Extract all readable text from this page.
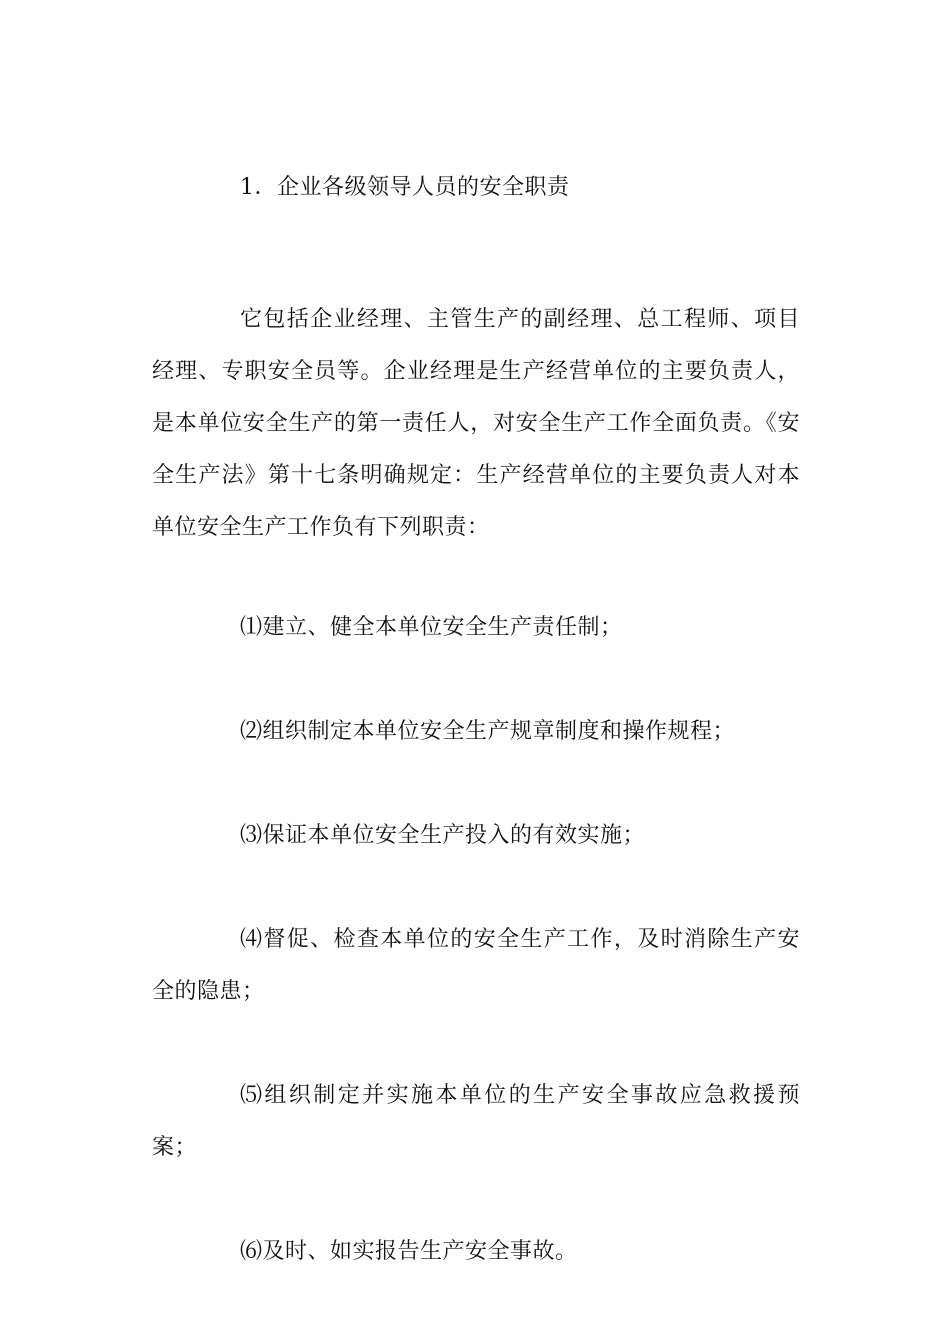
1．企业各级领导人员的安全职责

它包括企业经理、主管生产的副经理、总工程师、项目经理、专职安全员等。企业经理是生产经营单位的主要负责人，是本单位安全生产的第一责任人，对安全生产工作全面负责。《安全生产法》第十七条明确规定：生产经营单位的主要负责人对本单位安全生产工作负有下列职责：

⑴建立、健全本单位安全生产责任制；

⑵组织制定本单位安全生产规章制度和操作规程；

⑶保证本单位安全生产投入的有效实施；

⑷督促、检查本单位的安全生产工作，及时消除生产安全的隐患；

⑸组织制定并实施本单位的生产安全事故应急救援预案；

⑹及时、如实报告生产安全事故。
